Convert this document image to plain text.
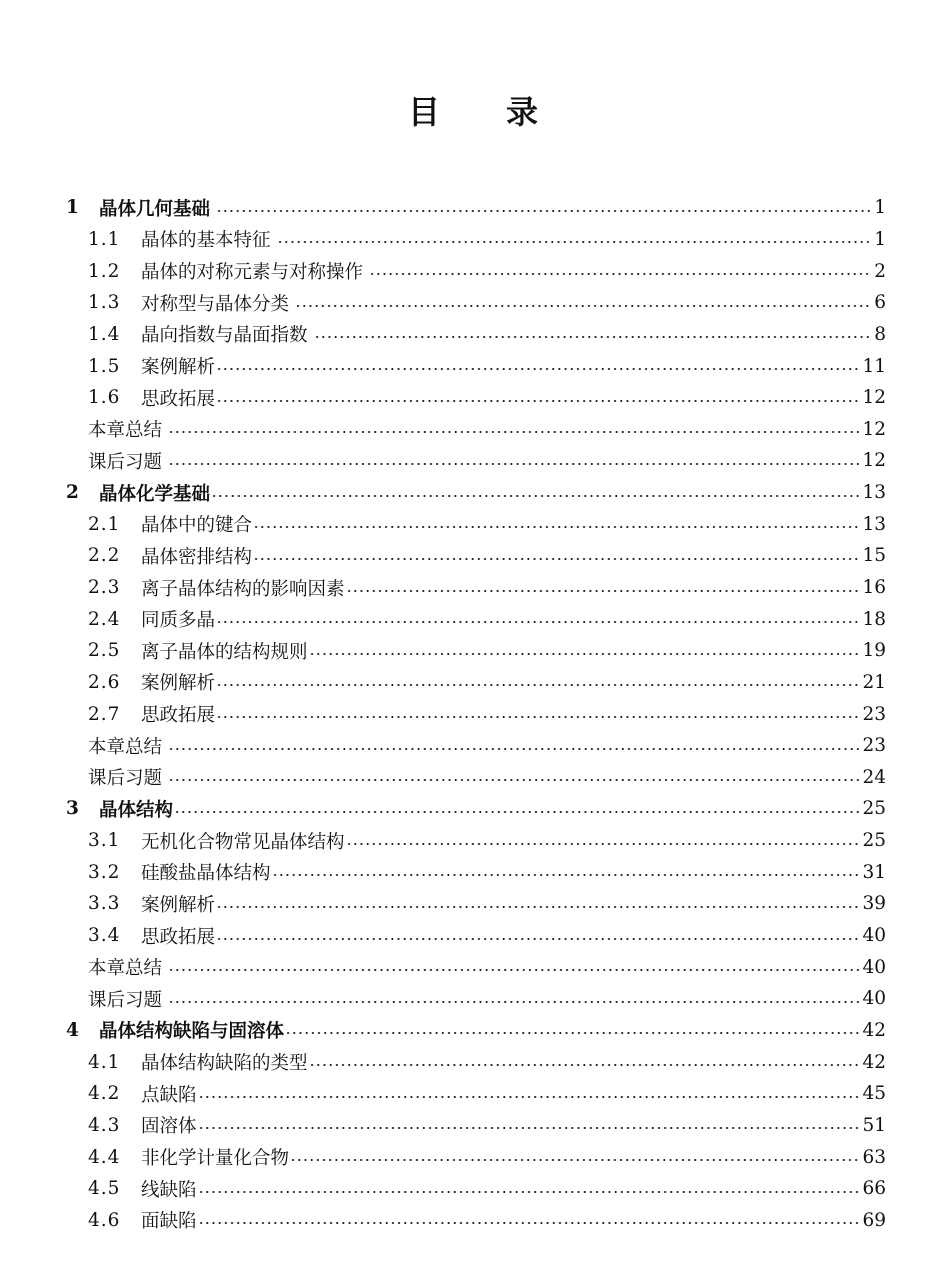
目 录
1	晶体几何基础	1
1.1	晶体的基本特征	1
1.2	晶体的对称元素与对称操作	2
1.3	对称型与晶体分类	6
1.4	晶向指数与晶面指数	8
1.5	案例解析	11
1.6	思政拓展	12
本章总结	12
课后习题	12
2	晶体化学基础	13
2.1	晶体中的键合	13
2.2	晶体密排结构	15
2.3	离子晶体结构的影响因素	16
2.4	同质多晶	18
2.5	离子晶体的结构规则	19
2.6	案例解析	21
2.7	思政拓展	23
本章总结	23
课后习题	24
3	晶体结构	25
3.1	无机化合物常见晶体结构	25
3.2	硅酸盐晶体结构	31
3.3	案例解析	39
3.4	思政拓展	40
本章总结	40
课后习题	40
4	晶体结构缺陷与固溶体	42
4.1	晶体结构缺陷的类型	42
4.2	点缺陷	45
4.3	固溶体	51
4.4	非化学计量化合物	63
4.5	线缺陷	66
4.6	面缺陷	69
